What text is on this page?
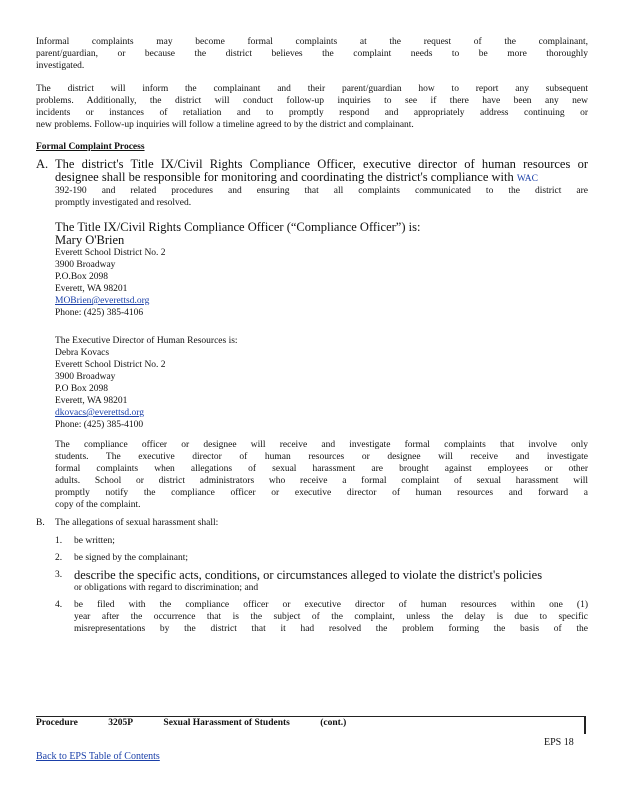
Informal complaints may become formal complaints at the request of the complainant,

parent/guardian, or because the district believes the complaint needs to be more thoroughly

investigated.

The district will inform the complainant and their parent/guardian how to report any subsequent

problems. Additionally, the district will conduct follow-up inquiries to see if there have been any new

incidents or instances of retaliation and to promptly respond and appropriately address continuing or

new problems. Follow-up inquiries will follow a timeline agreed to by the district and complainant.

Formal Complaint Process
A. The district's Title IX/Civil Rights Compliance Officer, executive director of human resources or

designee shall be responsible for monitoring and coordinating the district's compliance with WAC

392-190 and related procedures and ensuring that all complaints communicated to the district are

promptly investigated and resolved.

The Title IX/Civil Rights Compliance Officer (“Compliance Officer”) is:

Mary O'Brien

Everett School District No. 2

3900 Broadway

P.O.Box 2098

Everett, WA 98201

MOBrien@everettsd.org

Phone: (425) 385-4106

The Executive Director of Human Resources is:

Debra Kovacs

Everett School District No. 2

3900 Broadway

P.O Box 2098

Everett, WA 98201

dkovacs@everettsd.org

Phone: (425) 385-4100

The compliance officer or designee will receive and investigate formal complaints that involve only

students. The executive director of human resources or designee will receive and investigate

formal complaints when allegations of sexual harassment are brought against employees or other

adults. School or district administrators who receive a formal complaint of sexual harassment will

promptly notify the compliance officer or executive director of human resources and forward a

copy of the complaint.

B. The allegations of sexual harassment shall:

1. be written;

2. be signed by the complainant;

3. describe the specific acts, conditions, or circumstances alleged to violate the district's policies

or obligations with regard to discrimination; and

4. be filed with the compliance officer or executive director of human resources within one (1)

year after the occurrence that is the subject of the complaint, unless the delay is due to specific

misrepresentations by the district that it had resolved the problem forming the basis of the

Procedure	3205P	Sexual Harassment of Students	(cont.)
EPS 18
Back to EPS Table of Contents
